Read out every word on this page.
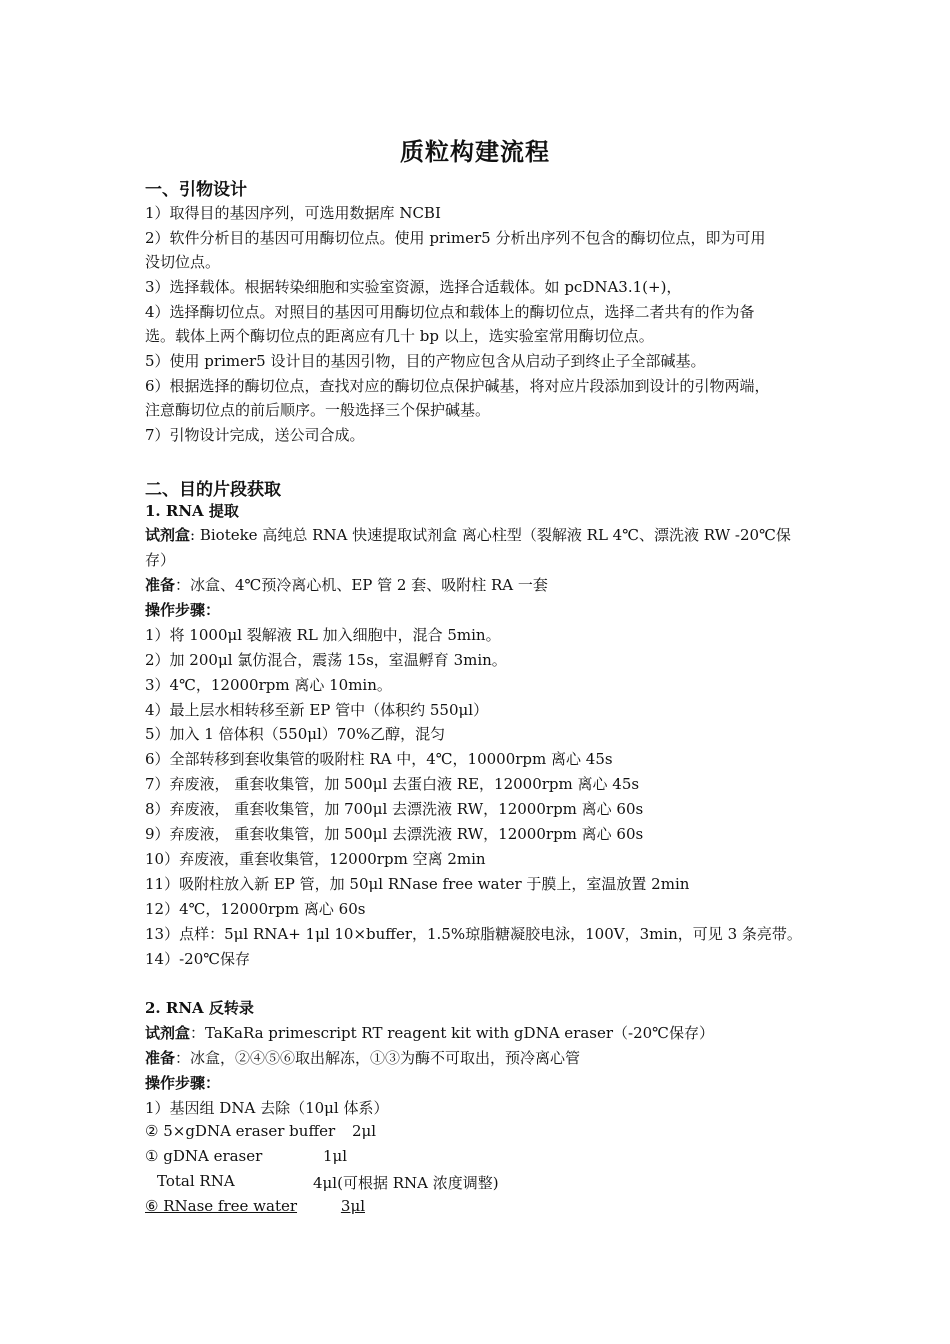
质粒构建流程
一、引物设计

1）取得目的基因序列，可选用数据库 NCBI

2）软件分析目的基因可用酶切位点。使用 primer5 分析出序列不包含的酶切位点，即为可用

没切位点。

3）选择载体。根据转染细胞和实验室资源，选择合适载体。如 pcDNA3.1(+)，

4）选择酶切位点。对照目的基因可用酶切位点和载体上的酶切位点，选择二者共有的作为备

选。载体上两个酶切位点的距离应有几十 bp 以上，选实验室常用酶切位点。

5）使用 primer5 设计目的基因引物，目的产物应包含从启动子到终止子全部碱基。

6）根据选择的酶切位点，查找对应的酶切位点保护碱基，将对应片段添加到设计的引物两端，

注意酶切位点的前后顺序。一般选择三个保护碱基。

7）引物设计完成，送公司合成。

二、目的片段获取
1. RNA 提取

试剂盒: Bioteke 高纯总 RNA 快速提取试剂盒 离心柱型（裂解液 RL 4℃、漂洗液 RW -20℃保

存）

准备：冰盒、4℃预冷离心机、EP 管 2 套、吸附柱 RA 一套

操作步骤：

1）将 1000μl 裂解液 RL 加入细胞中，混合 5min。

2）加 200μl 氯仿混合，震荡 15s，室温孵育 3min。

3）4℃，12000rpm 离心 10min。

4）最上层水相转移至新 EP 管中（体积约 550μl）

5）加入 1 倍体积（550μl）70%乙醇，混匀

6）全部转移到套收集管的吸附柱 RA 中，4℃，10000rpm 离心 45s

7）弃废液， 重套收集管，加 500μl 去蛋白液 RE，12000rpm 离心 45s

8）弃废液， 重套收集管，加 700μl 去漂洗液 RW，12000rpm 离心 60s

9）弃废液， 重套收集管，加 500μl 去漂洗液 RW，12000rpm 离心 60s

10）弃废液，重套收集管，12000rpm 空离 2min

11）吸附柱放入新 EP 管，加 50μl RNase free water 于膜上，室温放置 2min

12）4℃，12000rpm 离心 60s

13）点样：5μl RNA+ 1μl 10×buffer，1.5%琼脂糖凝胶电泳，100V，3min，可见 3 条亮带。

14）-20℃保存

2. RNA 反转录

试剂盒：TaKaRa primescript RT reagent kit with gDNA eraser（-20℃保存）

准备：冰盒，②④⑤⑥取出解冻，①③为酶不可取出，预冷离心管

操作步骤：

1）基因组 DNA 去除（10μl 体系）

② 5×gDNA eraser buffer 2μl

① gDNA eraser	1μl

Total RNA	4μl(可根据 RNA 浓度调整)

⑥ RNase free water	3μl
